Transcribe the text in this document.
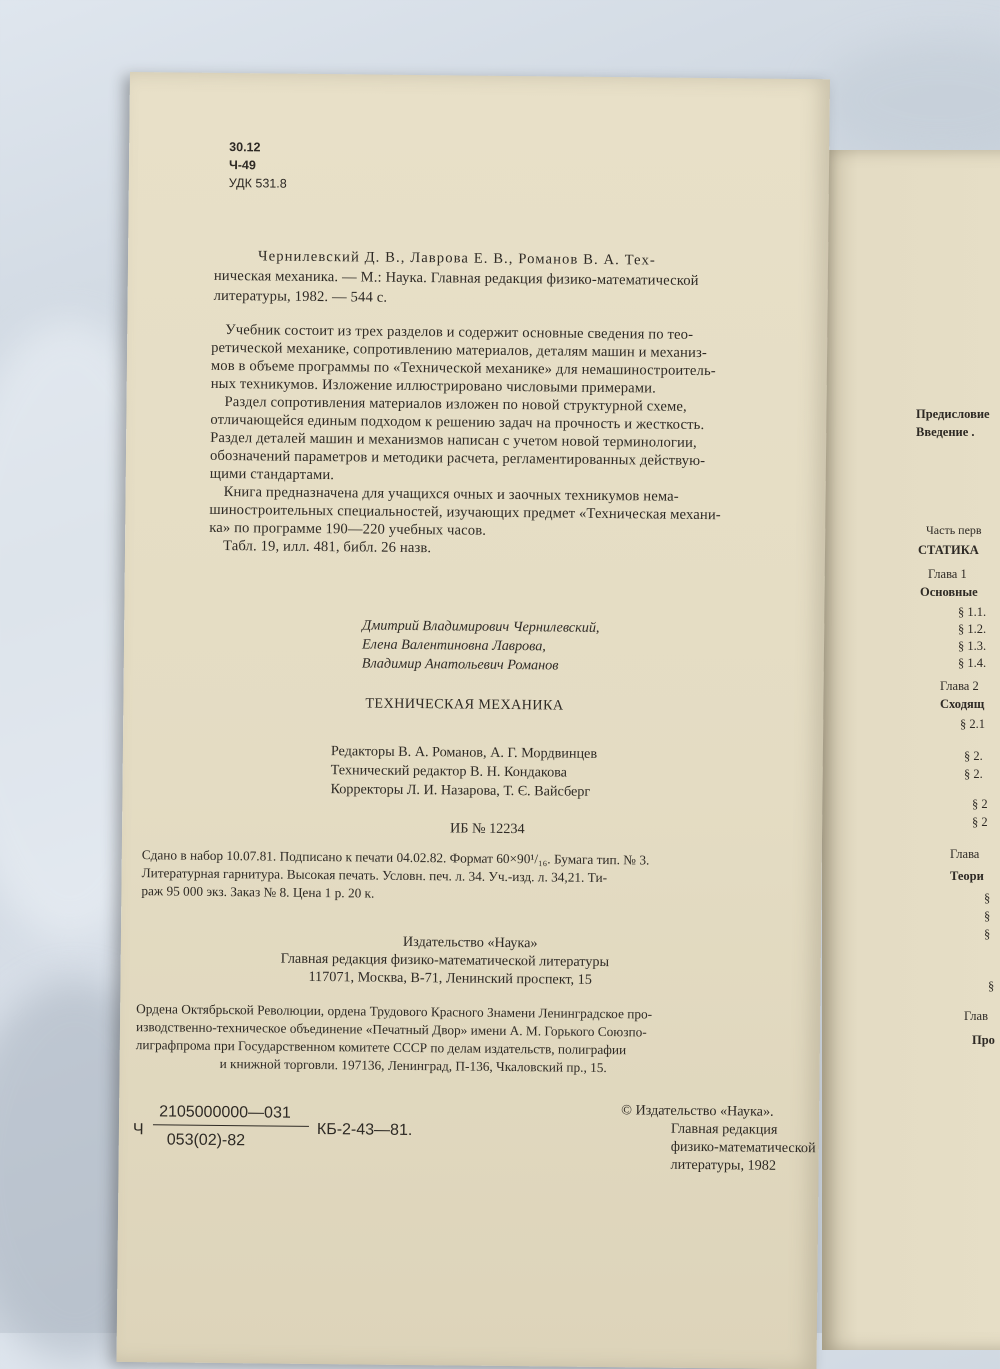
Предисловие
Введение .
Часть перв
СТАТИКА
Глава 1
Основные
§ 1.1.
§ 1.2.
§ 1.3.
§ 1.4.
Глава 2
Сходящ
§ 2.1
§ 2.
§ 2.
§ 2
§ 2
Глава
Теори
§
§
§
§
Глав
Про
30.12
Ч-49
УДК 531.8
Чернилевский Д. В., Лаврова Е. В., Романов В. А. Тех-
ническая механика. — М.: Наука. Главная редакция физико-математической
литературы, 1982. — 544 с.
Учебник состоит из трех разделов и содержит основные сведения по тео-
ретической механике, сопротивлению материалов, деталям машин и механиз-
мов в объеме программы по «Технической механике» для немашиностроитель-
ных техникумов. Изложение иллюстрировано числовыми примерами.
Раздел сопротивления материалов изложен по новой структурной схеме,
отличающейся единым подходом к решению задач на прочность и жесткость.
Раздел деталей машин и механизмов написан с учетом новой терминологии,
обозначений параметров и методики расчета, регламентированных действую-
щими стандартами.
Книга предназначена для учащихся очных и заочных техникумов нема-
шиностроительных специальностей, изучающих предмет «Техническая механи-
ка» по программе 190—220 учебных часов.
Табл. 19, илл. 481, библ. 26 назв.
Дмитрий Владимирович Чернилевский,
Елена Валентиновна Лаврова,
Владимир Анатольевич Романов
ТЕХНИЧЕСКАЯ МЕХАНИКА
Редакторы В. А. Романов, А. Г. Мордвинцев
Технический редактор В. Н. Кондакова
Корректоры Л. И. Назарова, Т. Є. Вайсберг
ИБ № 12234
Сдано в набор 10.07.81. Подписано к печати 04.02.82. Формат 60×90¹/₁₆. Бумага тип. № 3.
Литературная гарнитура. Высокая печать. Условн. печ. л. 34. Уч.-изд. л. 34,21. Ти-
раж 95 000 экз. Заказ № 8. Цена 1 р. 20 к.
Издательство «Наука»
Главная редакция физико-математической литературы
117071, Москва, В-71, Ленинский проспект, 15
Ордена Октябрьской Революции, ордена Трудового Красного Знамени Ленинградское про-
изводственно-техническое объединение «Печатный Двор» имени А. М. Горького Союзпо-
лиграфпрома при Государственном комитете СССР по делам издательств, полиграфии
и книжной торговли. 197136, Ленинград, П-136, Чкаловский пр., 15.
Ч
2105000000—031
053(02)-82
КБ-2-43—81.
© Издательство «Наука».
Главная редакция
физико-математической
литературы, 1982
